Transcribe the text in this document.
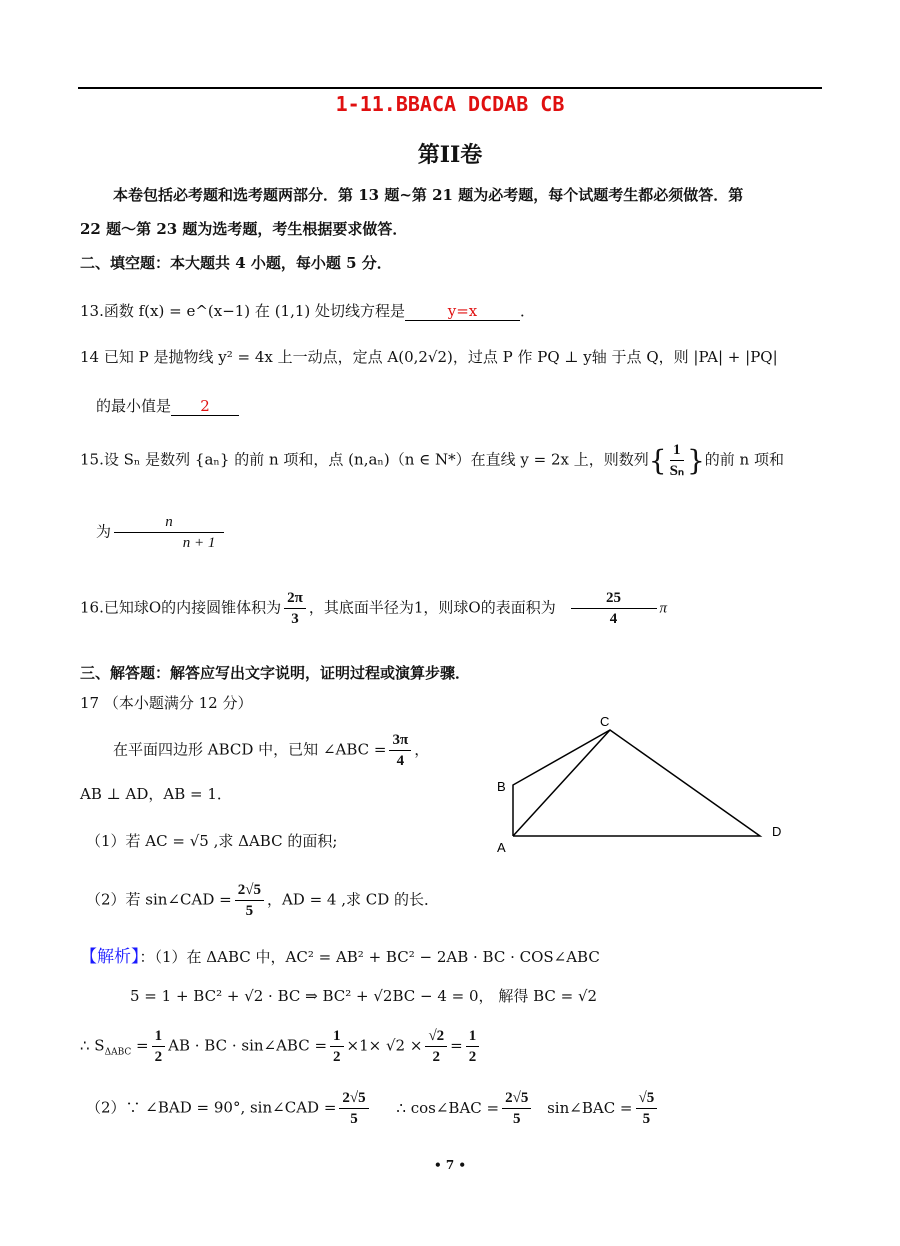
1-11.BBACA DCDAB CB
第II卷
本卷包括必考题和选考题两部分．第 13 题~第 21 题为必考题，每个试题考生都必须做答．第
22 题～第 23 题为选考题，考生根据要求做答．
二、填空题：本大题共 4 小题，每小题 5 分．
13.函数 f(x) = e^(x−1) 在 (1,1) 处切线方程是	y=x	．
14 已知 P 是抛物线 y² = 4x 上一动点，定点 A(0,2√2)，过点 P 作 PQ ⊥ y轴 于点 Q，则 |PA| + |PQ|
的最小值是 2
15.设 Sₙ 是数列 {aₙ} 的前 n 项和，点 (n,aₙ)（n ∈ N*）在直线 y = 2x 上，则数列{ $\frac{1}{\text{Sₙ}}$ }的前 n 项和
为 $\frac{n}{n + 1}$
16.已知球O的内接圆锥体积为 $\frac{2\pi}{3}$ ，其底面半径为1，则球O的表面积为 $\frac{25}{4}$ π
三、解答题：解答应写出文字说明，证明过程或演算步骤．
17 （本小题满分 12 分）
在平面四边形 ABCD 中，已知 ∠ABC = $\frac{3\pi}{4}$ ，
AB ⊥ AD，AB = 1．
（1）若 AC = √5 ,求 ΔABC 的面积;
（2）若 sin∠CAD = $\frac{2√5}{5}$ ，AD = 4 ,求 CD 的长．
A
B
C
D
【解析】：（1）在 ΔABC 中，AC² = AB² + BC² − 2AB · BC · COS∠ABC
5 = 1 + BC² + √2 · BC ⇒ BC² + √2BC − 4 = 0， 解得 BC = √2
∴ $S_{\Delta ABC} = \frac{1}{2}$ AB · BC · sin∠ABC = $\frac{1}{2} \times 1\times √2 \times \frac{√2}{2} = \frac{1}{2}$
（2）∵ ∠BAD = 90°, sin∠CAD = $\frac{2√5}{5}$ ∴ cos∠BAC = $\frac{2√5}{5}$ sin∠BAC = $\frac{√5}{5}$
• 7 •
